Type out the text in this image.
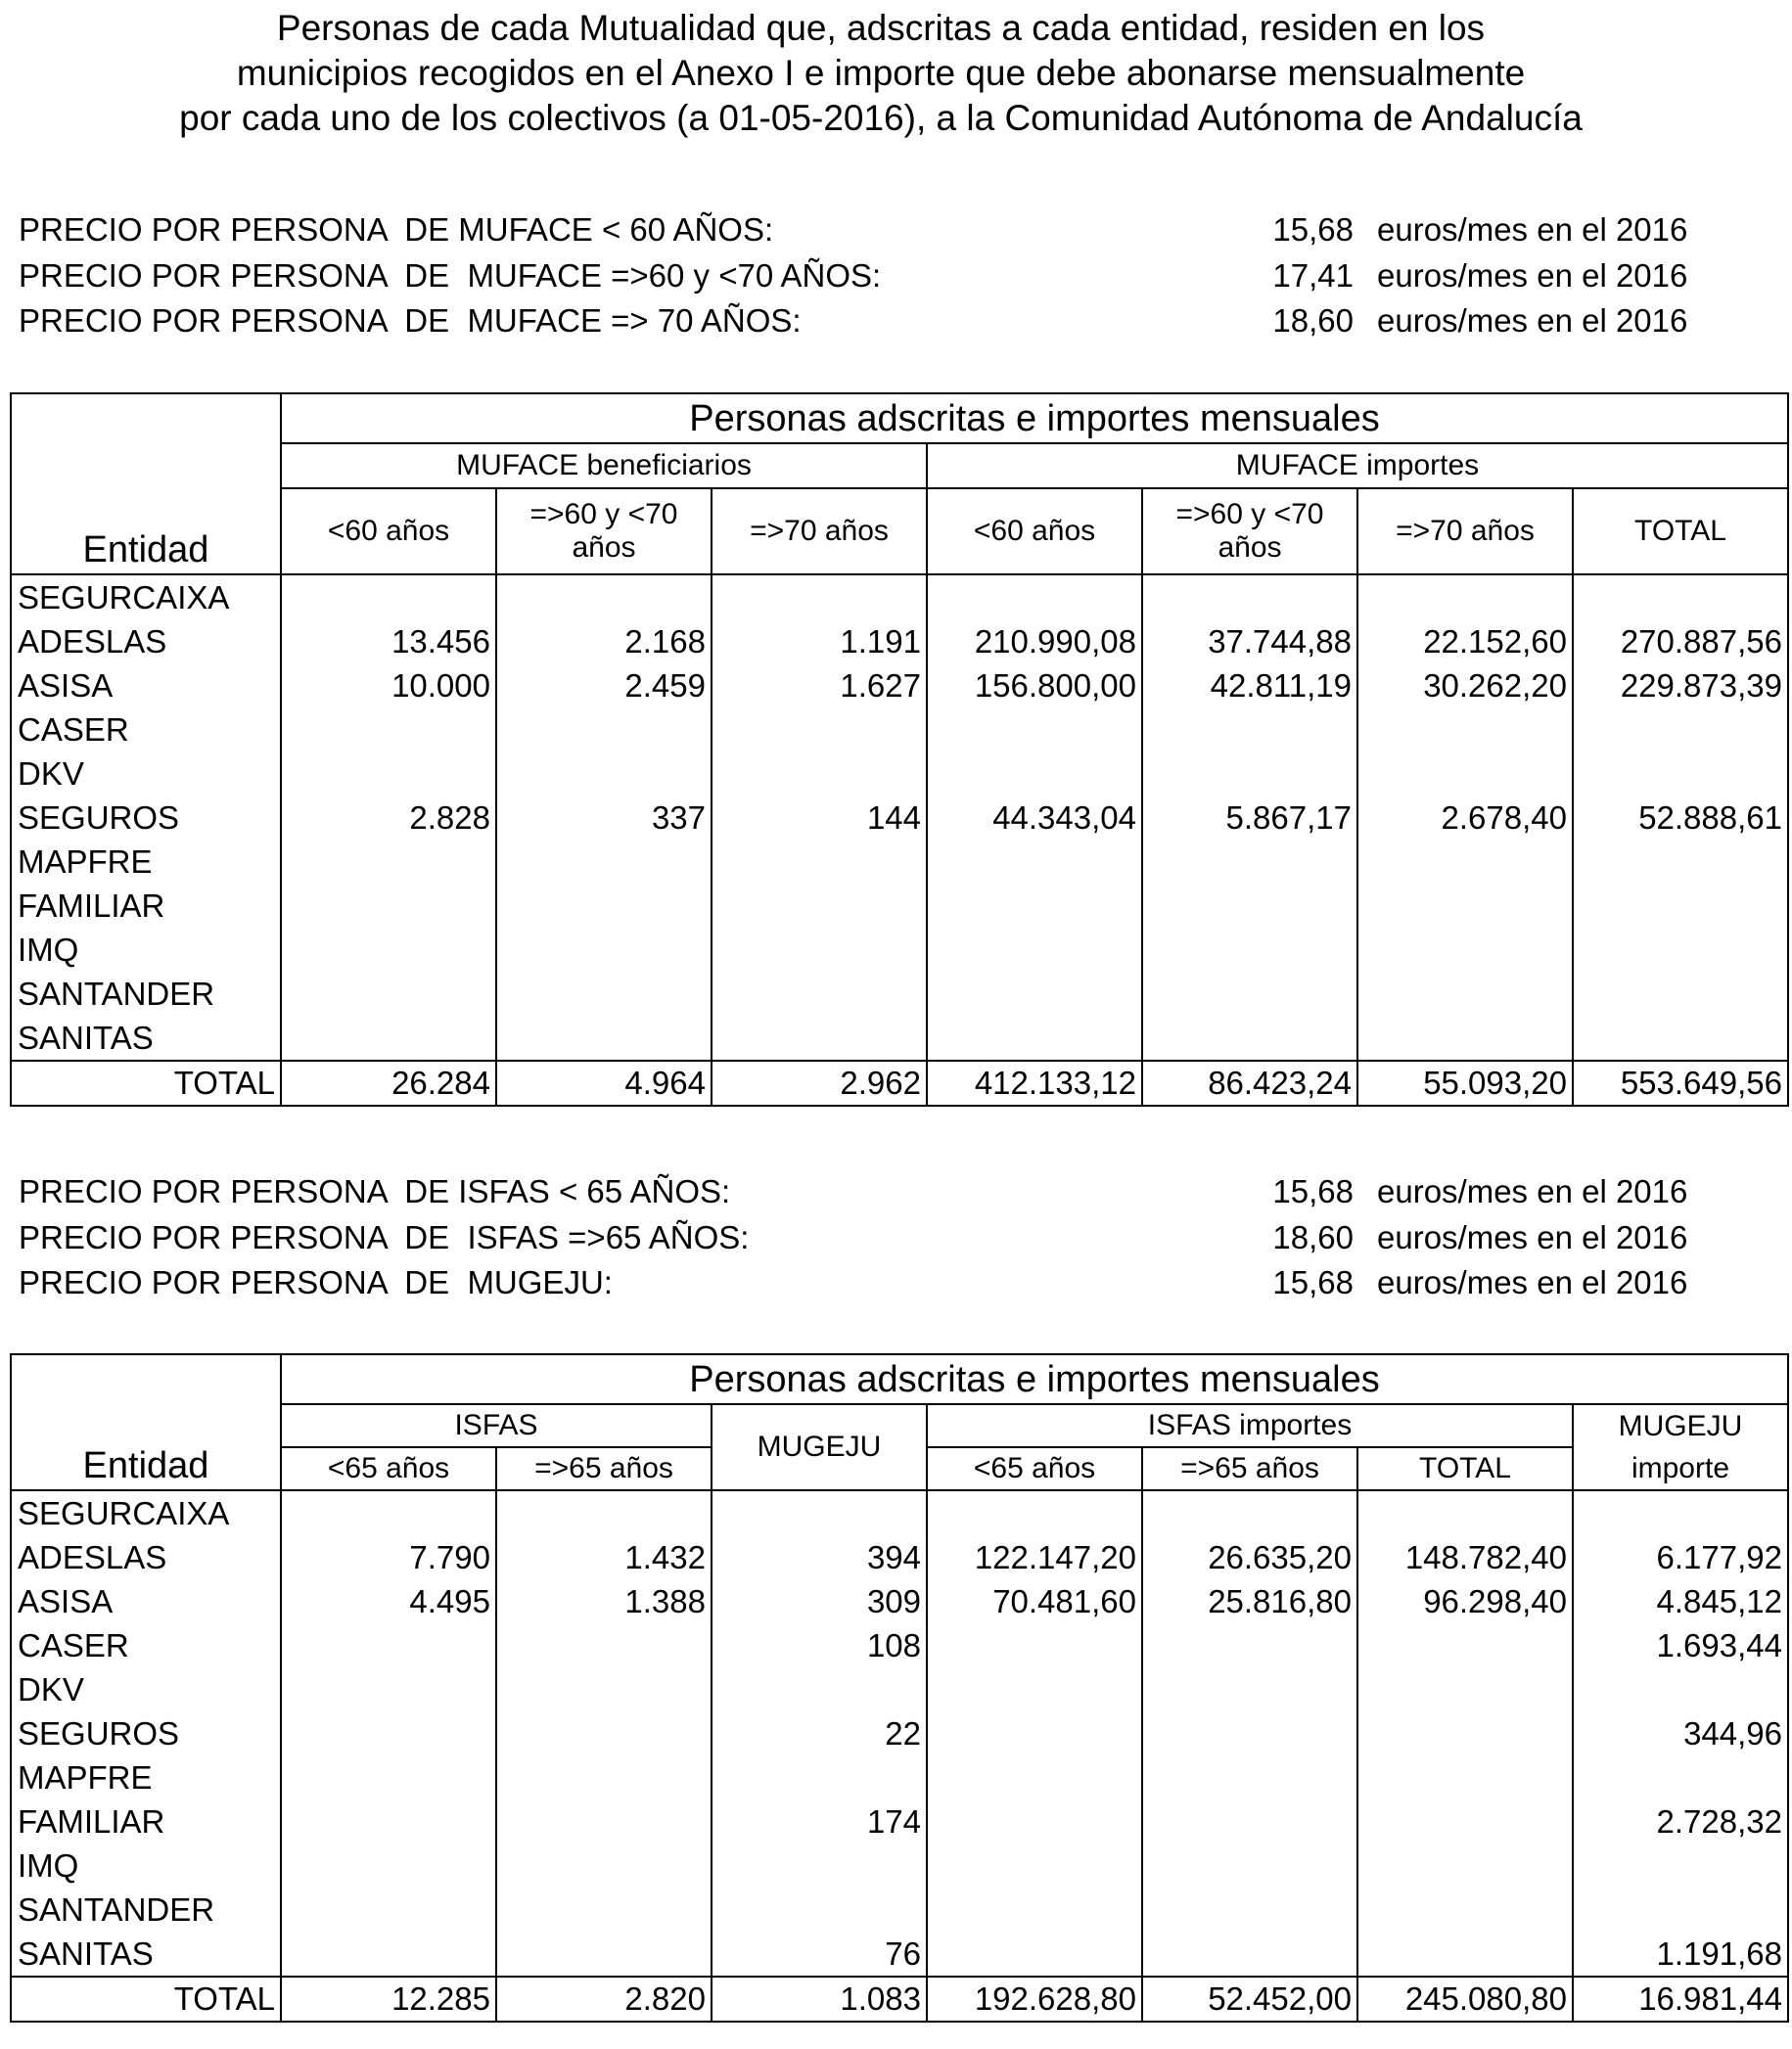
Personas de cada Mutualidad que, adscritas a cada entidad, residen en los
municipios recogidos en el Anexo I e importe que debe abonarse mensualmente
por cada uno de los colectivos (a 01-05-2016), a la Comunidad Autónoma de Andalucía
PRECIO POR PERSONA  DE MUFACE < 60 AÑOS:	15,68 euros/mes en el 2016
PRECIO POR PERSONA  DE  MUFACE =>60 y <70 AÑOS:	17,41 euros/mes en el 2016
PRECIO POR PERSONA  DE  MUFACE => 70 AÑOS:	18,60 euros/mes en el 2016
Entidad	Personas adscritas e importes mensuales						
	MUFACE beneficiarios			MUFACE importes			
	<60 años	=>60 y <70 años	=>70 años	<60 años	=>60 y <70 años	=>70 años	TOTAL
SEGURCAIXA							
ADESLAS	13.456	2.168	1.191	210.990,08	37.744,88	22.152,60	270.887,56
ASISA	10.000	2.459	1.627	156.800,00	42.811,19	30.262,20	229.873,39
CASER							
DKV							
SEGUROS	2.828	337	144	44.343,04	5.867,17	2.678,40	52.888,61
MAPFRE							
FAMILIAR							
IMQ							
SANTANDER							
SANITAS							
TOTAL	26.284	4.964	2.962	412.133,12	86.423,24	55.093,20	553.649,56
PRECIO POR PERSONA  DE ISFAS < 65 AÑOS:	15,68 euros/mes en el 2016
PRECIO POR PERSONA  DE  ISFAS =>65 AÑOS:	18,60 euros/mes en el 2016
PRECIO POR PERSONA  DE  MUGEJU:	15,68 euros/mes en el 2016
Entidad	Personas adscritas e importes mensuales						
	ISFAS		MUGEJU	ISFAS importes			MUGEJU
	<65 años	=>65 años		<65 años	=>65 años	TOTAL	importe
SEGURCAIXA							
ADESLAS	7.790	1.432	394	122.147,20	26.635,20	148.782,40	6.177,92
ASISA	4.495	1.388	309	70.481,60	25.816,80	96.298,40	4.845,12
CASER			108				1.693,44
DKV							
SEGUROS			22				344,96
MAPFRE							
FAMILIAR			174				2.728,32
IMQ							
SANTANDER							
SANITAS			76				1.191,68
TOTAL	12.285	2.820	1.083	192.628,80	52.452,00	245.080,80	16.981,44
